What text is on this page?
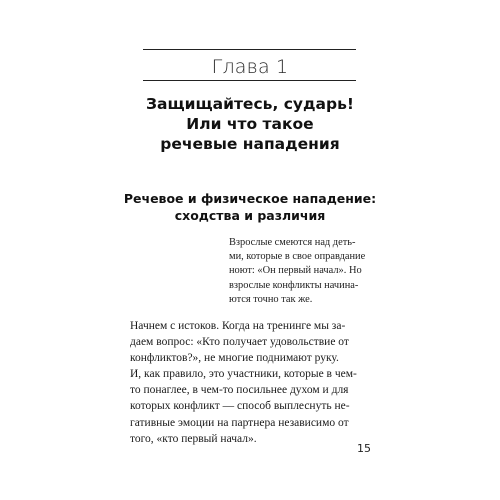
Глава 1
Защищайтесь, сударь!
Или что такое
речевые нападения
Речевое и физическое нападение:
сходства и различия
Взрослые смеются над деть-
ми, которые в свое оправдание
ноют: «Он первый начал». Но
взрослые конфликты начина-
ются точно так же.
Начнем с истоков. Когда на тренинге мы за-
даем вопрос: «Кто получает удовольствие от
конфликтов?», не многие поднимают руку.
И, как правило, это участники, которые в чем-
то понаглее, в чем-то посильнее духом и для
которых конфликт — способ выплеснуть не-
гативные эмоции на партнера независимо от
того, «кто первый начал».
15
